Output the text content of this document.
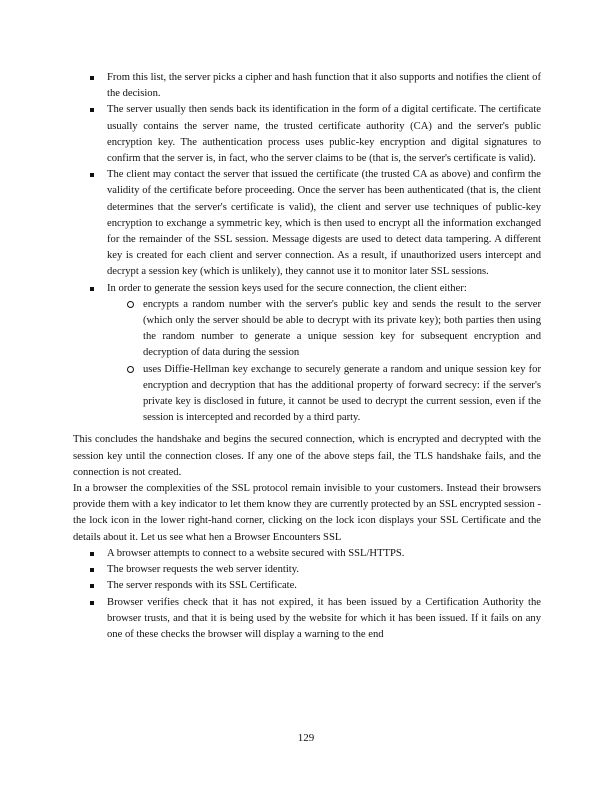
From this list, the server picks a cipher and hash function that it also supports and notifies the client of the decision.
The server usually then sends back its identification in the form of a digital certificate. The certificate usually contains the server name, the trusted certificate authority (CA) and the server's public encryption key. The authentication process uses public-key encryption and digital signatures to confirm that the server is, in fact, who the server claims to be (that is, the server's certificate is valid).
The client may contact the server that issued the certificate (the trusted CA as above) and confirm the validity of the certificate before proceeding. Once the server has been authenticated (that is, the client determines that the server's certificate is valid), the client and server use techniques of public-key encryption to exchange a symmetric key, which is then used to encrypt all the information exchanged for the remainder of the SSL session. Message digests are used to detect data tampering. A different key is created for each client and server connection. As a result, if unauthorized users intercept and decrypt a session key (which is unlikely), they cannot use it to monitor later SSL sessions.
In order to generate the session keys used for the secure connection, the client either:
encrypts a random number with the server's public key and sends the result to the server (which only the server should be able to decrypt with its private key); both parties then using the random number to generate a unique session key for subsequent encryption and decryption of data during the session
uses Diffie-Hellman key exchange to securely generate a random and unique session key for encryption and decryption that has the additional property of forward secrecy: if the server's private key is disclosed in future, it cannot be used to decrypt the current session, even if the session is intercepted and recorded by a third party.

This concludes the handshake and begins the secured connection, which is encrypted and decrypted with the session key until the connection closes. If any one of the above steps fail, the TLS handshake fails, and the connection is not created.

In a browser the complexities of the SSL protocol remain invisible to your customers. Instead their browsers provide them with a key indicator to let them know they are currently protected by an SSL encrypted session - the lock icon in the lower right-hand corner, clicking on the lock icon displays your SSL Certificate and the details about it. Let us see what hen a Browser Encounters SSL

A browser attempts to connect to a website secured with SSL/HTTPS.
The browser requests the web server identity.
The server responds with its SSL Certificate.
Browser verifies check that it has not expired, it has been issued by a Certification Authority the browser trusts, and that it is being used by the website for which it has been issued. If it fails on any one of these checks the browser will display a warning to the end
129
